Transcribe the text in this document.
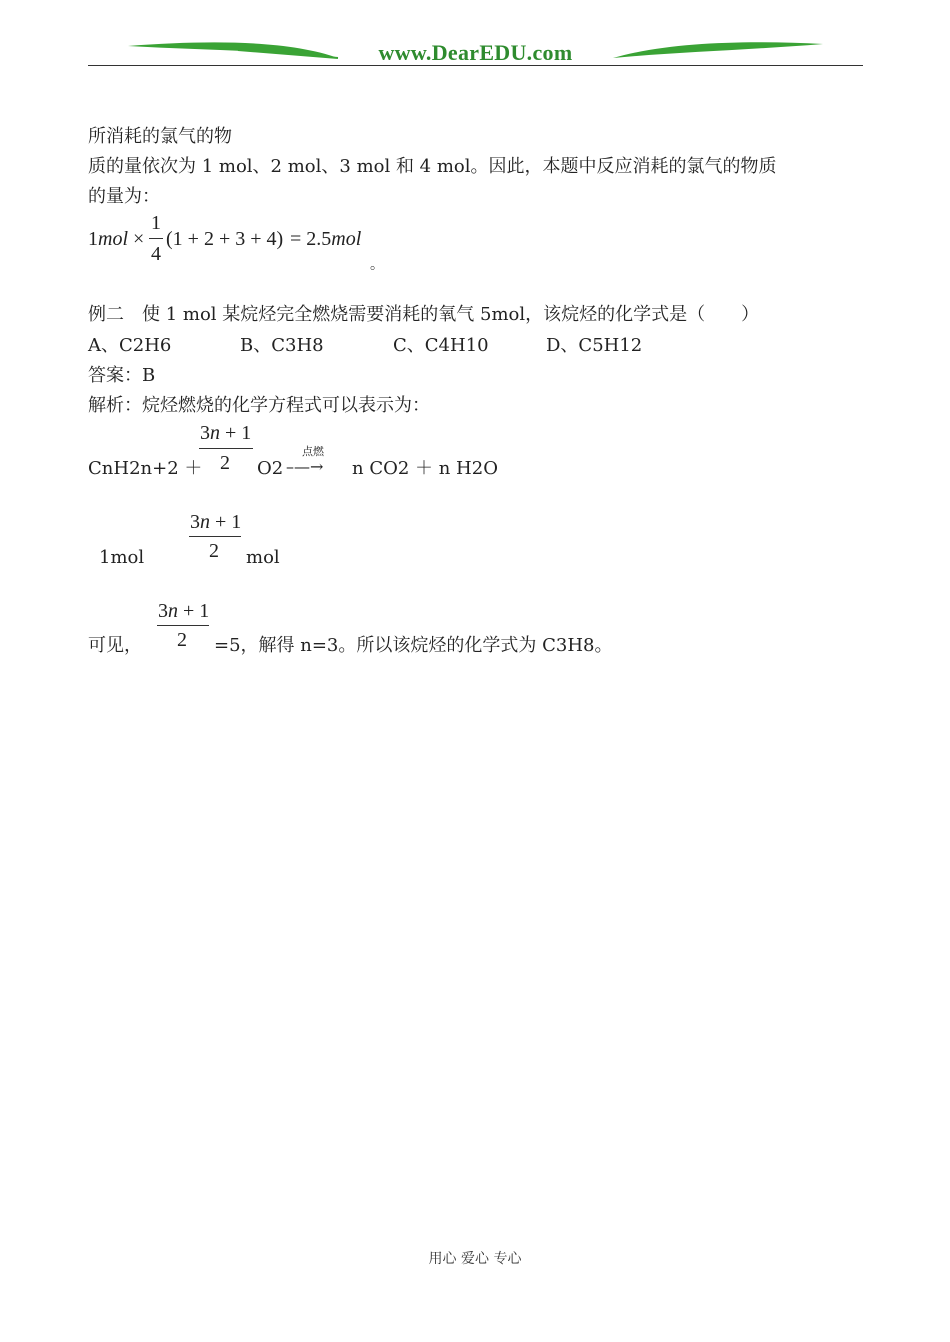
www.DearEDU.com
所消耗的氯气的物
质的量依次为 1 mol、2 mol、3 mol 和 4 mol。因此，本题中反应消耗的氯气的物质
的量为：
1mol ×
1
4
(1 + 2 + 3 + 4) = 2.5mol
。
例二　使 1 mol 某烷烃完全燃烧需要消耗的氧气 5mol，该烷烃的化学式是（　　）
A、C2H6	B、C3H8	C、C4H10	D、C5H12
答案：B
解析：烷烃燃烧的化学方程式可以表示为：
3n + 1
2
CnH2n+2 ＋	O2
点燃
–—→ n CO2 ＋ n H2O
3n + 1
2
1mol	mol
3n + 1
2
可见，	=5，解得 n=3。所以该烷烃的化学式为 C3H8。
用心 爱心 专心
